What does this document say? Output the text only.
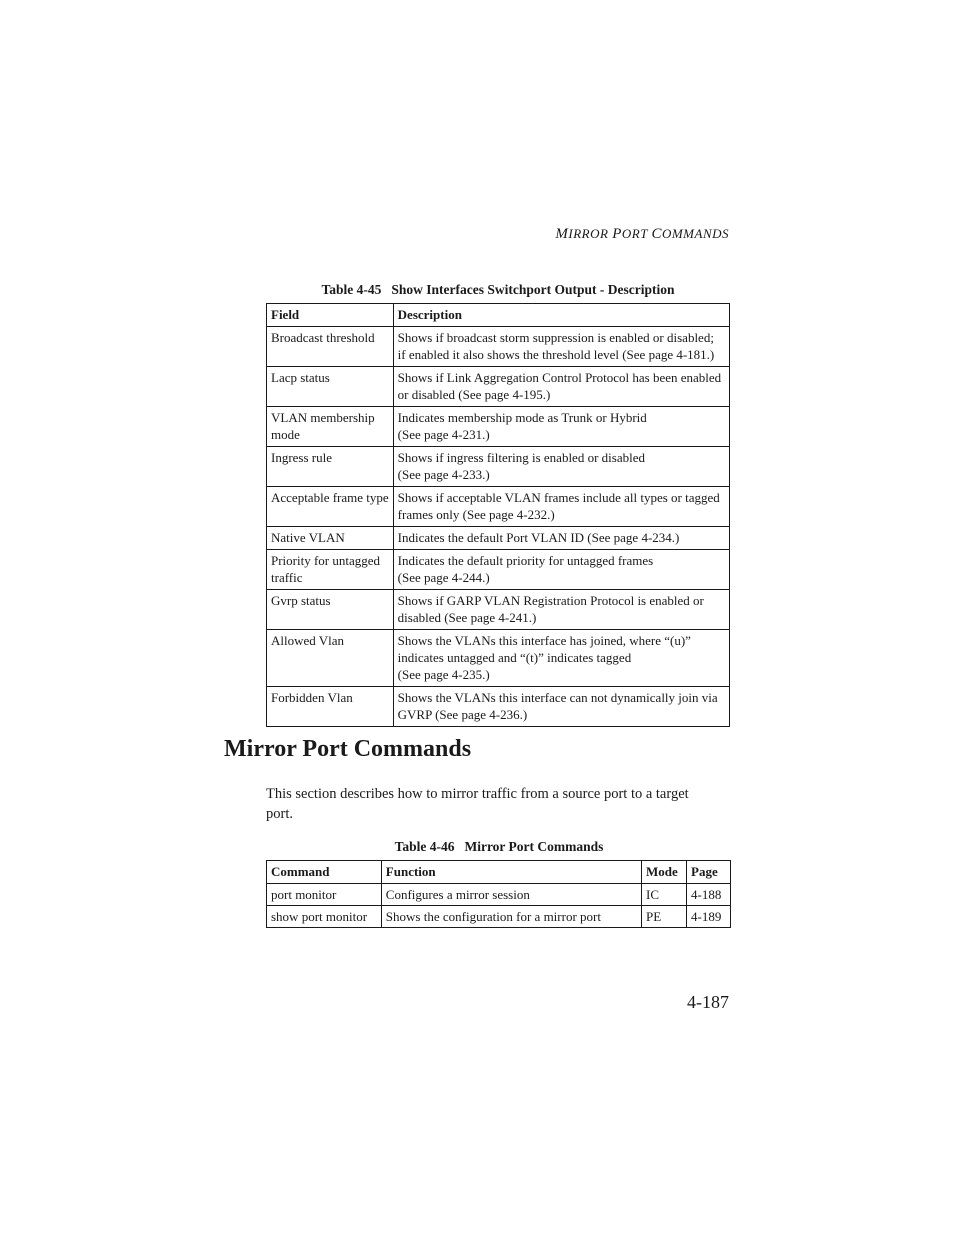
MIRROR PORT COMMANDS
Table 4-45 Show Interfaces Switchport Output - Description
Field	Description
Broadcast threshold	Shows if broadcast storm suppression is enabled or disabled;
if enabled it also shows the threshold level (See page 4-181.)
Lacp status	Shows if Link Aggregation Control Protocol has been enabled
or disabled (See page 4-195.)
VLAN membership
mode	Indicates membership mode as Trunk or Hybrid
(See page 4-231.)
Ingress rule	Shows if ingress filtering is enabled or disabled
(See page 4-233.)
Acceptable frame type	Shows if acceptable VLAN frames include all types or tagged
frames only (See page 4-232.)
Native VLAN	Indicates the default Port VLAN ID (See page 4-234.)
Priority for untagged
traffic	Indicates the default priority for untagged frames
(See page 4-244.)
Gvrp status	Shows if GARP VLAN Registration Protocol is enabled or
disabled (See page 4-241.)
Allowed Vlan	Shows the VLANs this interface has joined, where “(u)”
indicates untagged and “(t)” indicates tagged
(See page 4-235.)
Forbidden Vlan	Shows the VLANs this interface can not dynamically join via
GVRP (See page 4-236.)
Mirror Port Commands

This section describes how to mirror traffic from a source port to a target
port.

Table 4-46 Mirror Port Commands
Command	Function	Mode	Page
port monitor	Configures a mirror session	IC	4-188
show port monitor	Shows the configuration for a mirror port	PE	4-189
4-187
